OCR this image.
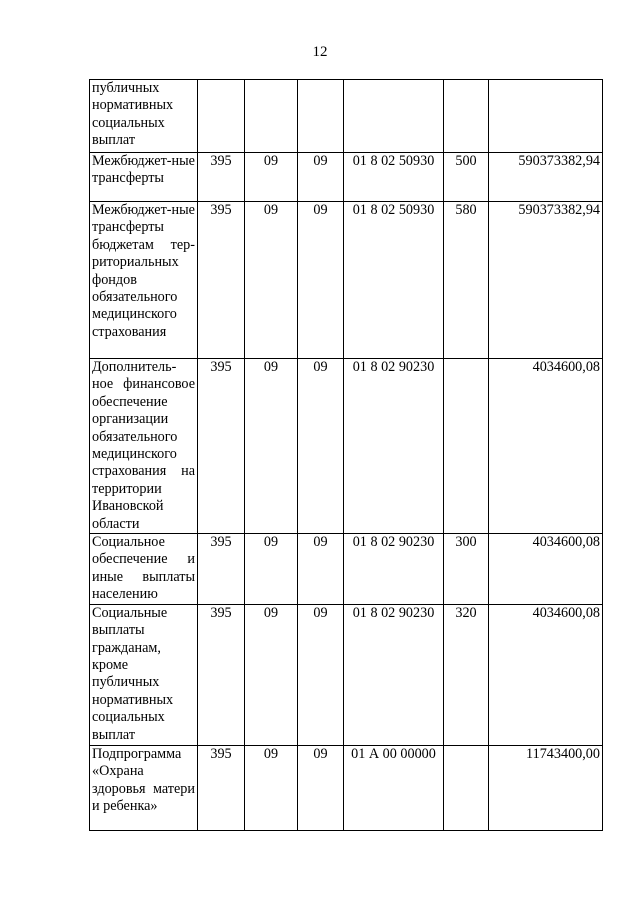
12
публичных нормативных социальных выплат						
Межбюджет-ные трансферты	395	09	09	01 8 02 50930	500	590373382,94
Межбюджет-ные трансферты бюджетам тер-риториальных фондов обязательного медицинского страхования	395	09	09	01 8 02 50930	580	590373382,94
Дополнитель-ное финансовое обеспечение организации обязательного медицинского страхования на территории Ивановской области	395	09	09	01 8 02 90230		4034600,08
Социальное обеспечение и иные выплаты населению	395	09	09	01 8 02 90230	300	4034600,08
Социальные выплаты гражданам, кроме публичных нормативных социальных выплат	395	09	09	01 8 02 90230	320	4034600,08
Подпрограмма «Охрана здоровья матери и ребенка»	395	09	09	01 А 00 00000		11743400,00
